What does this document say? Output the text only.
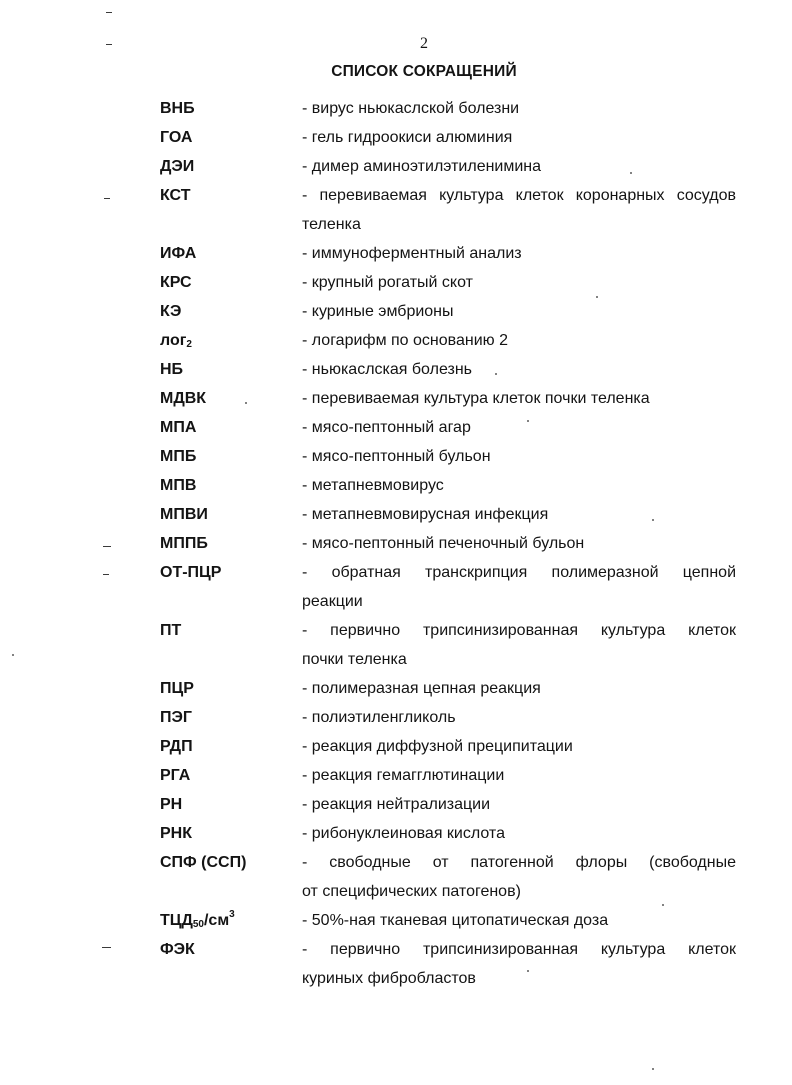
2
СПИСОК СОКРАЩЕНИЙ
ВНБ	- вирус ньюкаслской болезни
ГОА	- гель гидроокиси алюминия
ДЭИ	- димер аминоэтилэтиленимина
КСТ	- перевиваемая культура клеток коронарных сосудов
теленка
ИФА	- иммуноферментный анализ
КРС	- крупный рогатый скот
КЭ	- куриные эмбрионы
лог$_2$	- логарифм по основанию 2
НБ	- ньюкаслская болезнь
МДВК	- перевиваемая культура клеток почки теленка
МПА	- мясо-пептонный агар
МПБ	- мясо-пептонный бульон
МПВ	- метапневмовирус
МПВИ	- метапневмовирусная инфекция
МППБ	- мясо-пептонный печеночный бульон
ОТ-ПЦР	- обратная транскрипция полимеразной цепной
реакции
ПТ	- первично трипсинизированная культура клеток
почки теленка
ПЦР	- полимеразная цепная реакция
ПЭГ	- полиэтиленгликоль
РДП	- реакция диффузной преципитации
РГА	- реакция гемагглютинации
РН	- реакция нейтрализации
РНК	- рибонуклеиновая кислота
СПФ (ССП)	- свободные от патогенной флоры (свободные
от специфических патогенов)
$ТЦД_{50}/см^3$	- 50%-ная тканевая цитопатическая доза
ФЭК	- первично трипсинизированная культура клеток
куриных фибробластов
